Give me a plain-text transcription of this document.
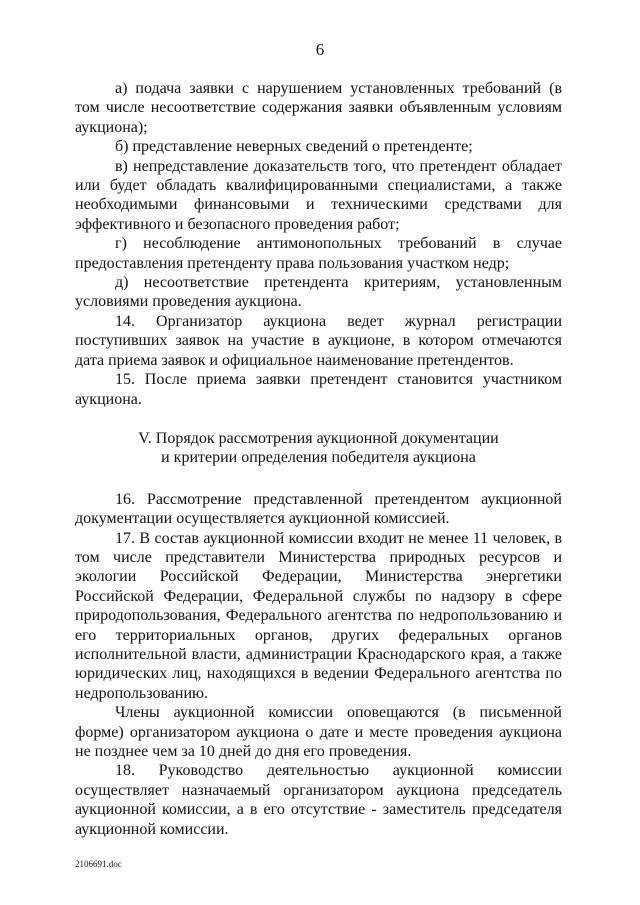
6

а) подача заявки с нарушением установленных требований (в том числе несоответствие содержания заявки объявленным условиям аукциона);

б) представление неверных сведений о претенденте;

в) непредставление доказательств того, что претендент обладает или будет обладать квалифицированными специалистами, а также необходимыми финансовыми и техническими средствами для эффективного и безопасного проведения работ;

г) несоблюдение антимонопольных требований в случае предоставления претенденту права пользования участком недр;

д) несоответствие претендента критериям, установленным условиями проведения аукциона.

14. Организатор аукциона ведет журнал регистрации поступивших заявок на участие в аукционе, в котором отмечаются дата приема заявок и официальное наименование претендентов.

15. После приема заявки претендент становится участником аукциона.

V. Порядок рассмотрения аукционной документации
и критерии определения победителя аукциона

16. Рассмотрение представленной претендентом аукционной документации осуществляется аукционной комиссией.

17. В состав аукционной комиссии входит не менее 11 человек, в том числе представители Министерства природных ресурсов и экологии Российской Федерации, Министерства энергетики Российской Федерации, Федеральной службы по надзору в сфере природопользования, Федерального агентства по недропользованию и его территориальных органов, других федеральных органов исполнительной власти, администрации Краснодарского края, а также юридических лиц, находящихся в ведении Федерального агентства по недропользованию.

Члены аукционной комиссии оповещаются (в письменной форме) организатором аукциона о дате и месте проведения аукциона не позднее чем за 10 дней до дня его проведения.

18. Руководство деятельностью аукционной комиссии осуществляет назначаемый организатором аукциона председатель аукционной комиссии, а в его отсутствие - заместитель председателя аукционной комиссии.

2106691.doc
